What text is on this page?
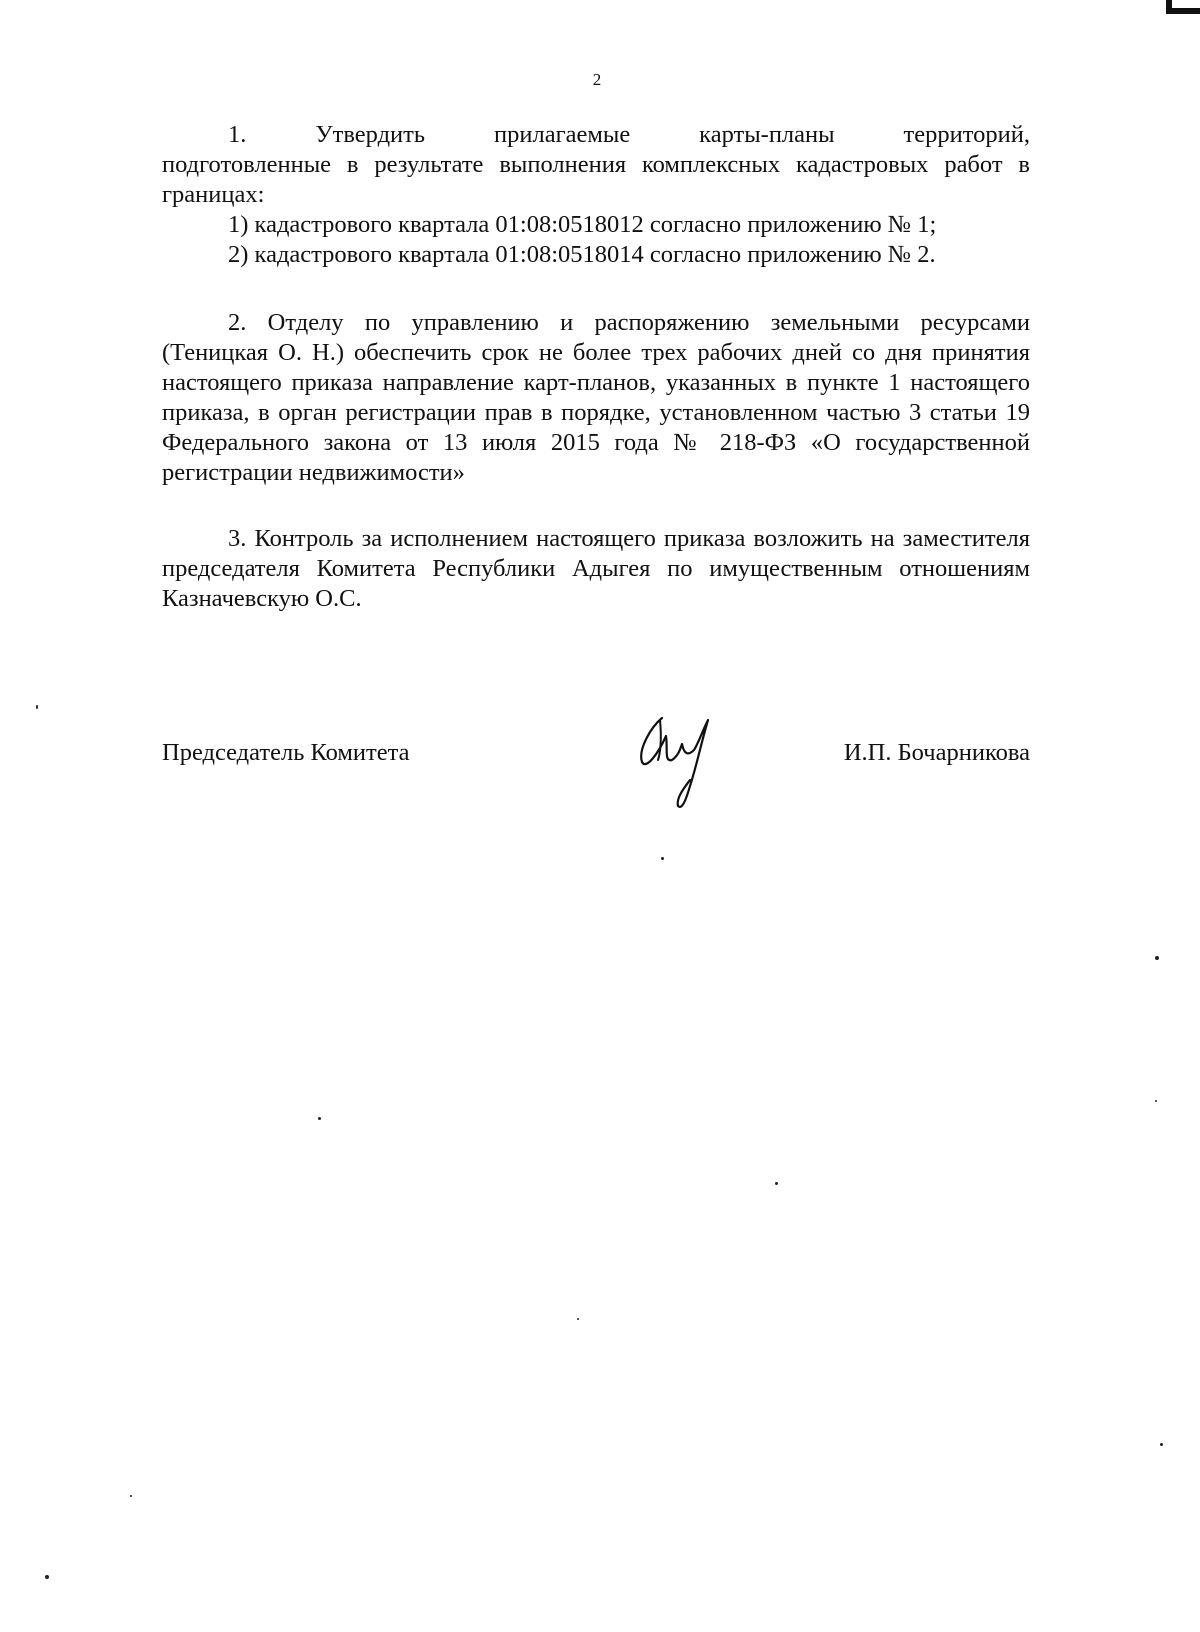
2
1.	Утвердить	прилагаемые	карты-планы	территорий,

подготовленные в результате выполнения комплексных кадастровых работ в границах:

1) кадастрового квартала 01:08:0518012 согласно приложению № 1;

2) кадастрового квартала 01:08:0518014 согласно приложению № 2.

2. Отделу по управлению и распоряжению земельными ресурсами (Теницкая О. Н.) обеспечить срок не более трех рабочих дней со дня принятия настоящего приказа направление карт-планов, указанных в пункте 1 настоящего приказа, в орган регистрации прав в порядке, установленном частью 3 статьи 19 Федерального закона от 13 июля 2015 года № 218-ФЗ «О государственной регистрации недвижимости»

3. Контроль за исполнением настоящего приказа возложить на заместителя председателя Комитета Республики Адыгея по имущественным отношениям Казначевскую О.С.

Председатель Комитета	И.П. Бочарникова
